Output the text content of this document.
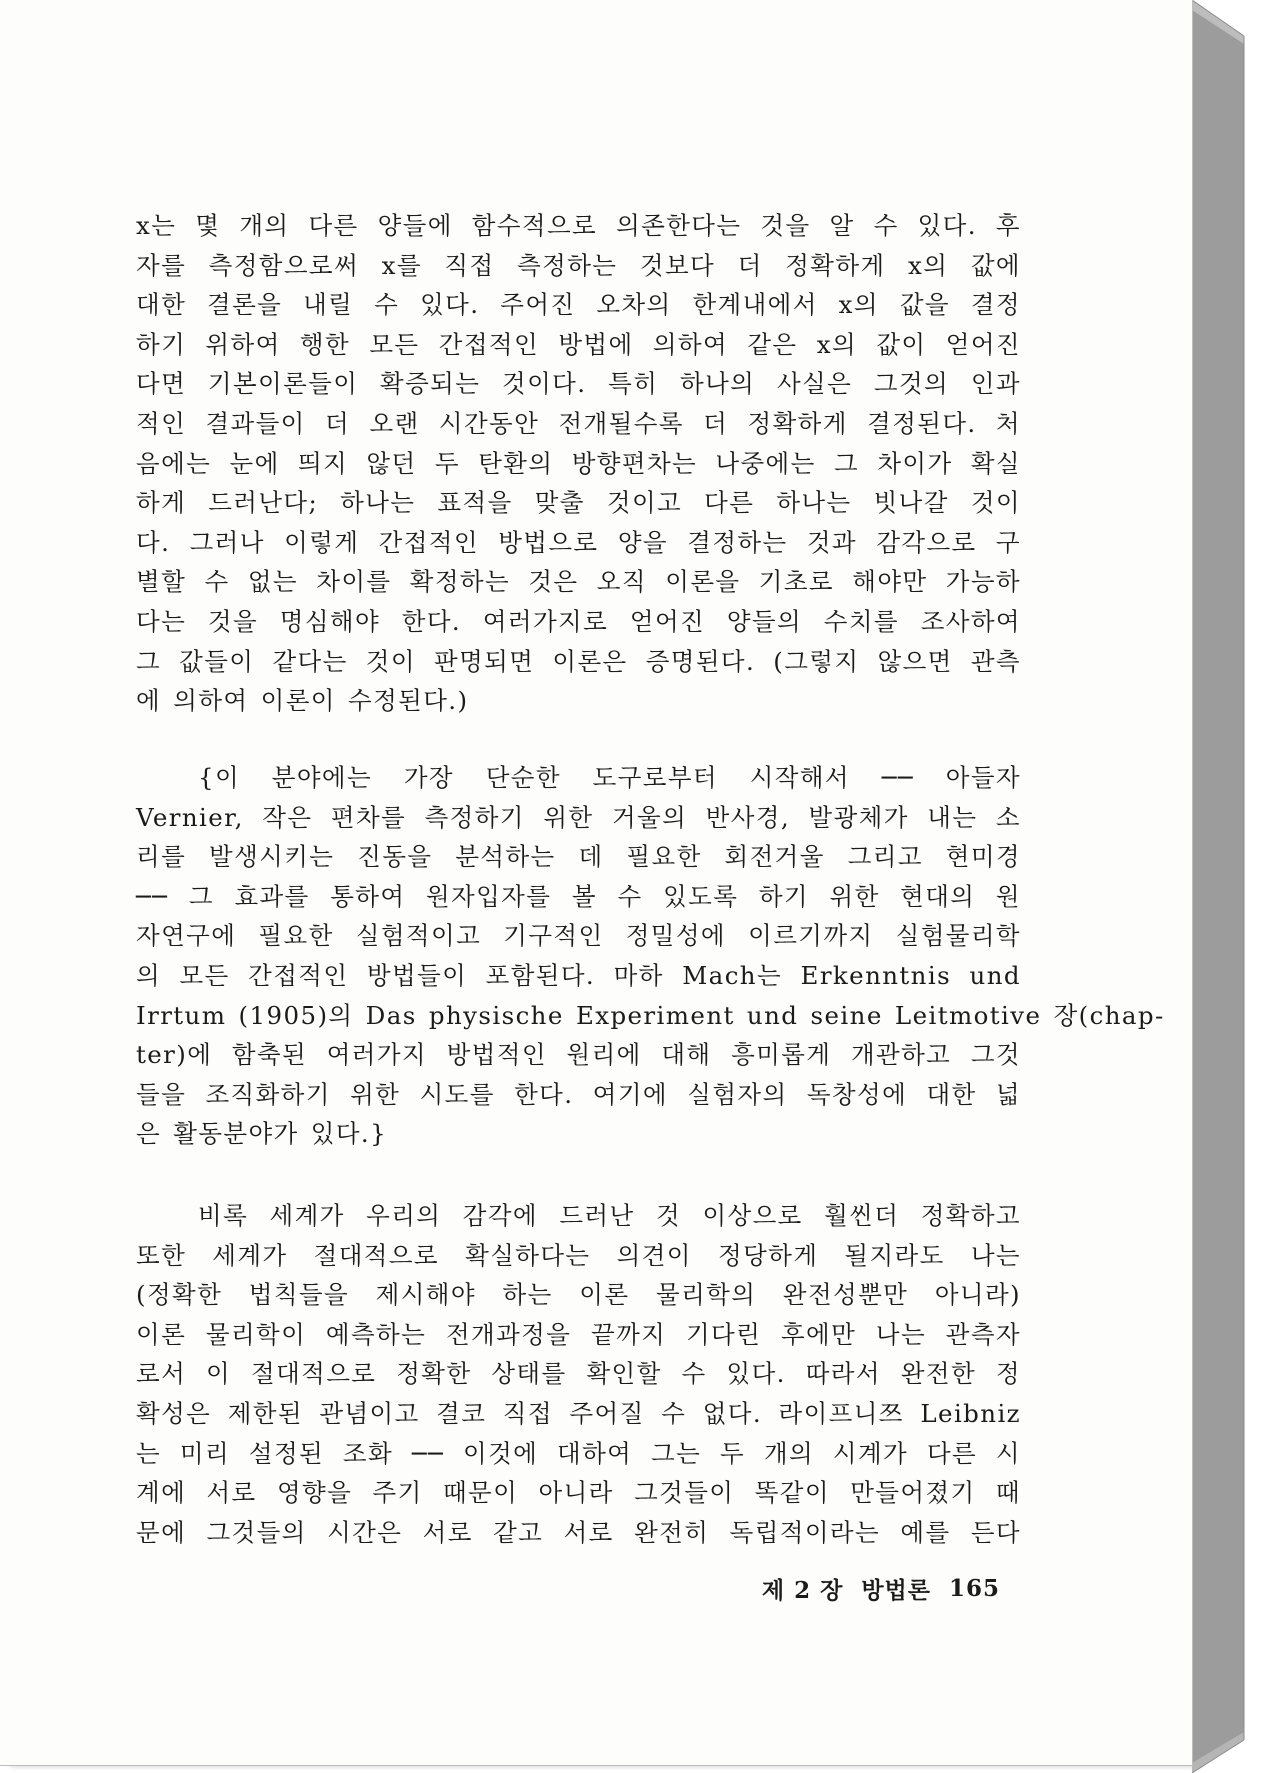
x는 몇 개의 다른 양들에 함수적으로 의존한다는 것을 알 수 있다. 후

자를 측정함으로써 x를 직접 측정하는 것보다 더 정확하게 x의 값에

대한 결론을 내릴 수 있다. 주어진 오차의 한계내에서 x의 값을 결정

하기 위하여 행한 모든 간접적인 방법에 의하여 같은 x의 값이 얻어진

다면 기본이론들이 확증되는 것이다. 특히 하나의 사실은 그것의 인과

적인 결과들이 더 오랜 시간동안 전개될수록 더 정확하게 결정된다. 처

음에는 눈에 띄지 않던 두 탄환의 방향편차는 나중에는 그 차이가 확실

하게 드러난다; 하나는 표적을 맞출 것이고 다른 하나는 빗나갈 것이

다. 그러나 이렇게 간접적인 방법으로 양을 결정하는 것과 감각으로 구

별할 수 없는 차이를 확정하는 것은 오직 이론을 기초로 해야만 가능하

다는 것을 명심해야 한다. 여러가지로 얻어진 양들의 수치를 조사하여

그 값들이 같다는 것이 판명되면 이론은 증명된다. (그렇지 않으면 관측

에 의하여 이론이 수정된다.)

{이 분야에는 가장 단순한 도구로부터 시작해서 ── 아들자

Vernier, 작은 편차를 측정하기 위한 거울의 반사경, 발광체가 내는 소

리를 발생시키는 진동을 분석하는 데 필요한 회전거울 그리고 현미경

── 그 효과를 통하여 원자입자를 볼 수 있도록 하기 위한 현대의 원

자연구에 필요한 실험적이고 기구적인 정밀성에 이르기까지 실험물리학

의 모든 간접적인 방법들이 포함된다. 마하 Mach는 Erkenntnis und

Irrtum (1905)의 Das physische Experiment und seine Leitmotive 장(chap-

ter)에 함축된 여러가지 방법적인 원리에 대해 흥미롭게 개관하고 그것

들을 조직화하기 위한 시도를 한다. 여기에 실험자의 독창성에 대한 넓

은 활동분야가 있다.}

비록 세계가 우리의 감각에 드러난 것 이상으로 훨씬더 정확하고

또한 세계가 절대적으로 확실하다는 의견이 정당하게 될지라도 나는

(정확한 법칙들을 제시해야 하는 이론 물리학의 완전성뿐만 아니라)

이론 물리학이 예측하는 전개과정을 끝까지 기다린 후에만 나는 관측자

로서 이 절대적으로 정확한 상태를 확인할 수 있다. 따라서 완전한 정

확성은 제한된 관념이고 결코 직접 주어질 수 없다. 라이프니쯔 Leibniz

는 미리 설정된 조화 ── 이것에 대하여 그는 두 개의 시계가 다른 시

계에 서로 영향을 주기 때문이 아니라 그것들이 똑같이 만들어졌기 때

문에 그것들의 시간은 서로 같고 서로 완전히 독립적이라는 예를 든다

제 2 장 방법론 165
